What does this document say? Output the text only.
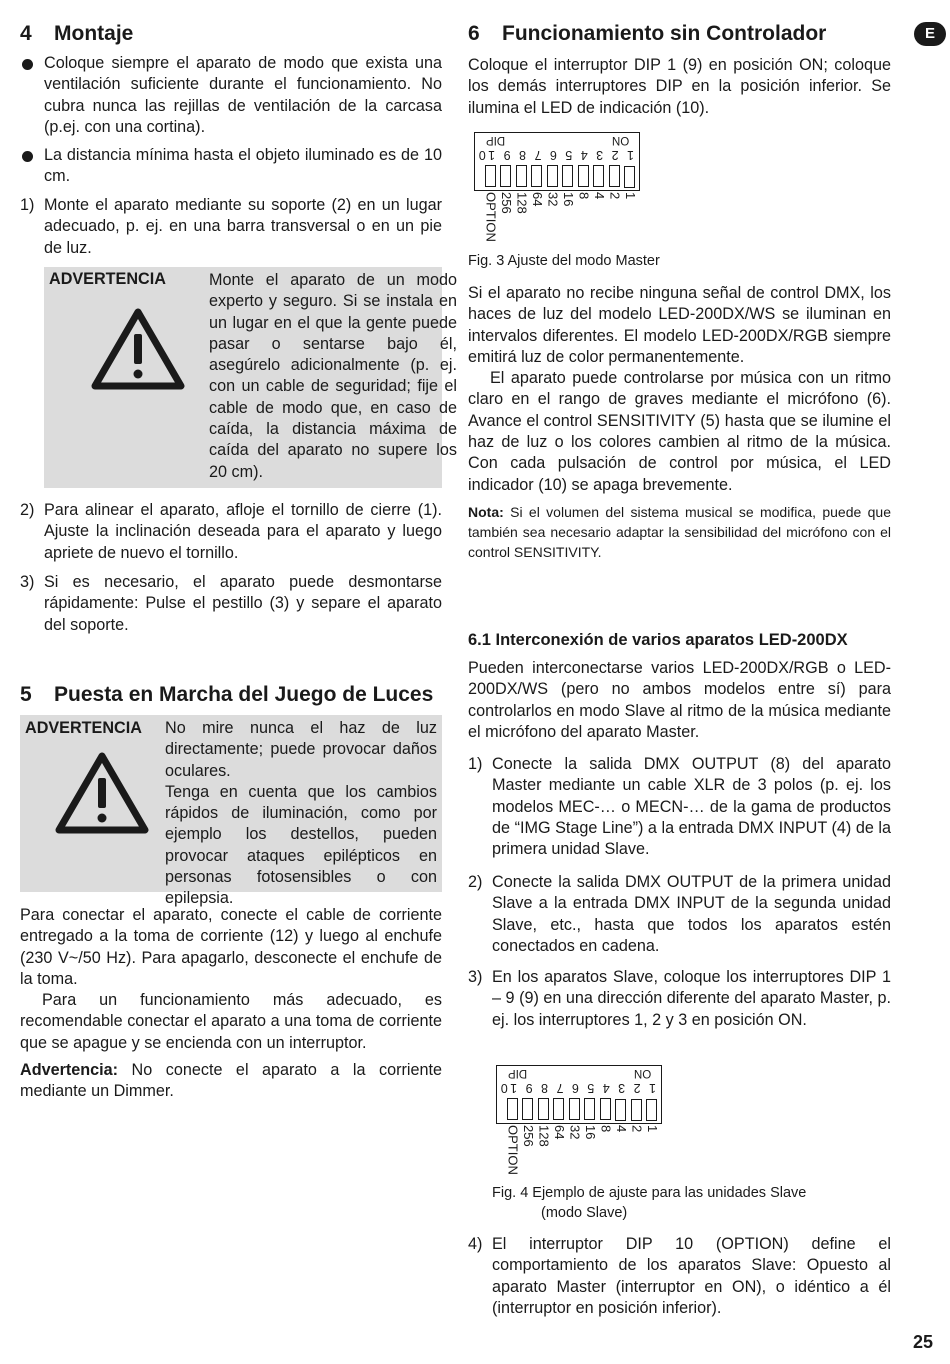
E
25
4 Montaje

Coloque siempre el aparato de modo que exista una ventilación suficiente durante el funcionamiento. No cubra nunca las rejillas de ventilación de la carcasa (p.ej. con una cortina).

La distancia mínima hasta el objeto iluminado es de 10 cm.

1) Monte el aparato mediante su soporte (2) en un lugar adecuado, p. ej. en una barra transversal o en un pie de luz.

ADVERTENCIA	Monte el aparato de un modo experto y seguro. Si se instala en un lugar en el que la gente puede pasar o sentarse bajo él, asegúrelo adicionalmente (p. ej. con un cable de seguridad; fije el cable de modo que, en caso de caída, la distancia máxima de caída del aparato no supere los 20 cm).

2) Para alinear el aparato, afloje el tornillo de cierre (1). Ajuste la inclinación deseada para el aparato y luego apriete de nuevo el tornillo.

3) Si es necesario, el aparato puede desmontarse rápidamente: Pulse el pestillo (3) y separe el aparato del soporte.

5 Puesta en Marcha del Juego de Luces
ADVERTENCIA No mire nunca el haz de luz directamente; puede provocar daños oculares.

Tenga en cuenta que los cambios rápidos de iluminación, como por ejemplo los destellos, pueden provocar ataques epilépticos en personas fotosensibles o con epilepsia.

Para conectar el aparato, conecte el cable de corriente entregado a la toma de corriente (12) y luego al enchufe (230 V~/50 Hz). Para apagarlo, desconecte el enchufe de la toma.

Para un funcionamiento más adecuado, es recomendable conectar el aparato a una toma de corriente que se apague y se encienda con un interruptor.

Advertencia: No conecte el aparato a la corriente mediante un Dimmer.

6 Funcionamiento sin Controlador

Coloque el interruptor DIP 1 (9) en posición ON; coloque los demás interruptores DIP en la posición inferior. Se ilumina el LED de indicación (10).

DIP	ON
1 2 3 4 5 6 7 8 9 10
1
2
4
8
16
32
64
128
256
OPTION
Fig. 3 Ajuste del modo Master

Si el aparato no recibe ninguna señal de control DMX, los haces de luz del modelo LED-200DX/WS se iluminan en intervalos diferentes. El modelo LED-200DX/RGB siempre emitirá luz de color permanentemente.

El aparato puede controlarse por música con un ritmo claro en el rango de graves mediante el micrófono (6). Avance el control SENSITIVITY (5) hasta que se ilumine el haz de luz o los colores cambien al ritmo de la música. Con cada pulsación de control por música, el LED indicador (10) se apaga brevemente.

Nota: Si el volumen del sistema musical se modifica, puede que también sea necesario adaptar la sensibilidad del micrófono con el control SENSITIVITY.

6.1 Interconexión de varios aparatos LED-200DX

Pueden interconectarse varios LED-200DX/RGB o LED-200DX/WS (pero no ambos modelos entre sí) para controlarlos en modo Slave al ritmo de la música mediante el micrófono del aparato Master.

1) Conecte la salida DMX OUTPUT (8) del aparato Master mediante un cable XLR de 3 polos (p. ej. los modelos MEC-… o MECN-… de la gama de productos de “IMG Stage Line”) a la entrada DMX INPUT (4) de la primera unidad Slave.

2) Conecte la salida DMX OUTPUT de la primera unidad Slave a la entrada DMX INPUT de la segunda unidad Slave, etc., hasta que todos los aparatos estén conectados en cadena.

3) En los aparatos Slave, coloque los interruptores DIP 1 – 9 (9) en una dirección diferente del aparato Master, p. ej. los interruptores 1, 2 y 3 en posición ON.

DIP	ON
1 2 3 4 5 6 7 8 9 10
1
2
4
8
16
32
64
128
256
OPTION
Fig. 4 Ejemplo de ajuste para las unidades Slave
(modo Slave)
4) El interruptor DIP 10 (OPTION) define el comportamiento de los aparatos Slave: Opuesto al aparato Master (interruptor en ON), o idéntico a él (interruptor en posición inferior).
